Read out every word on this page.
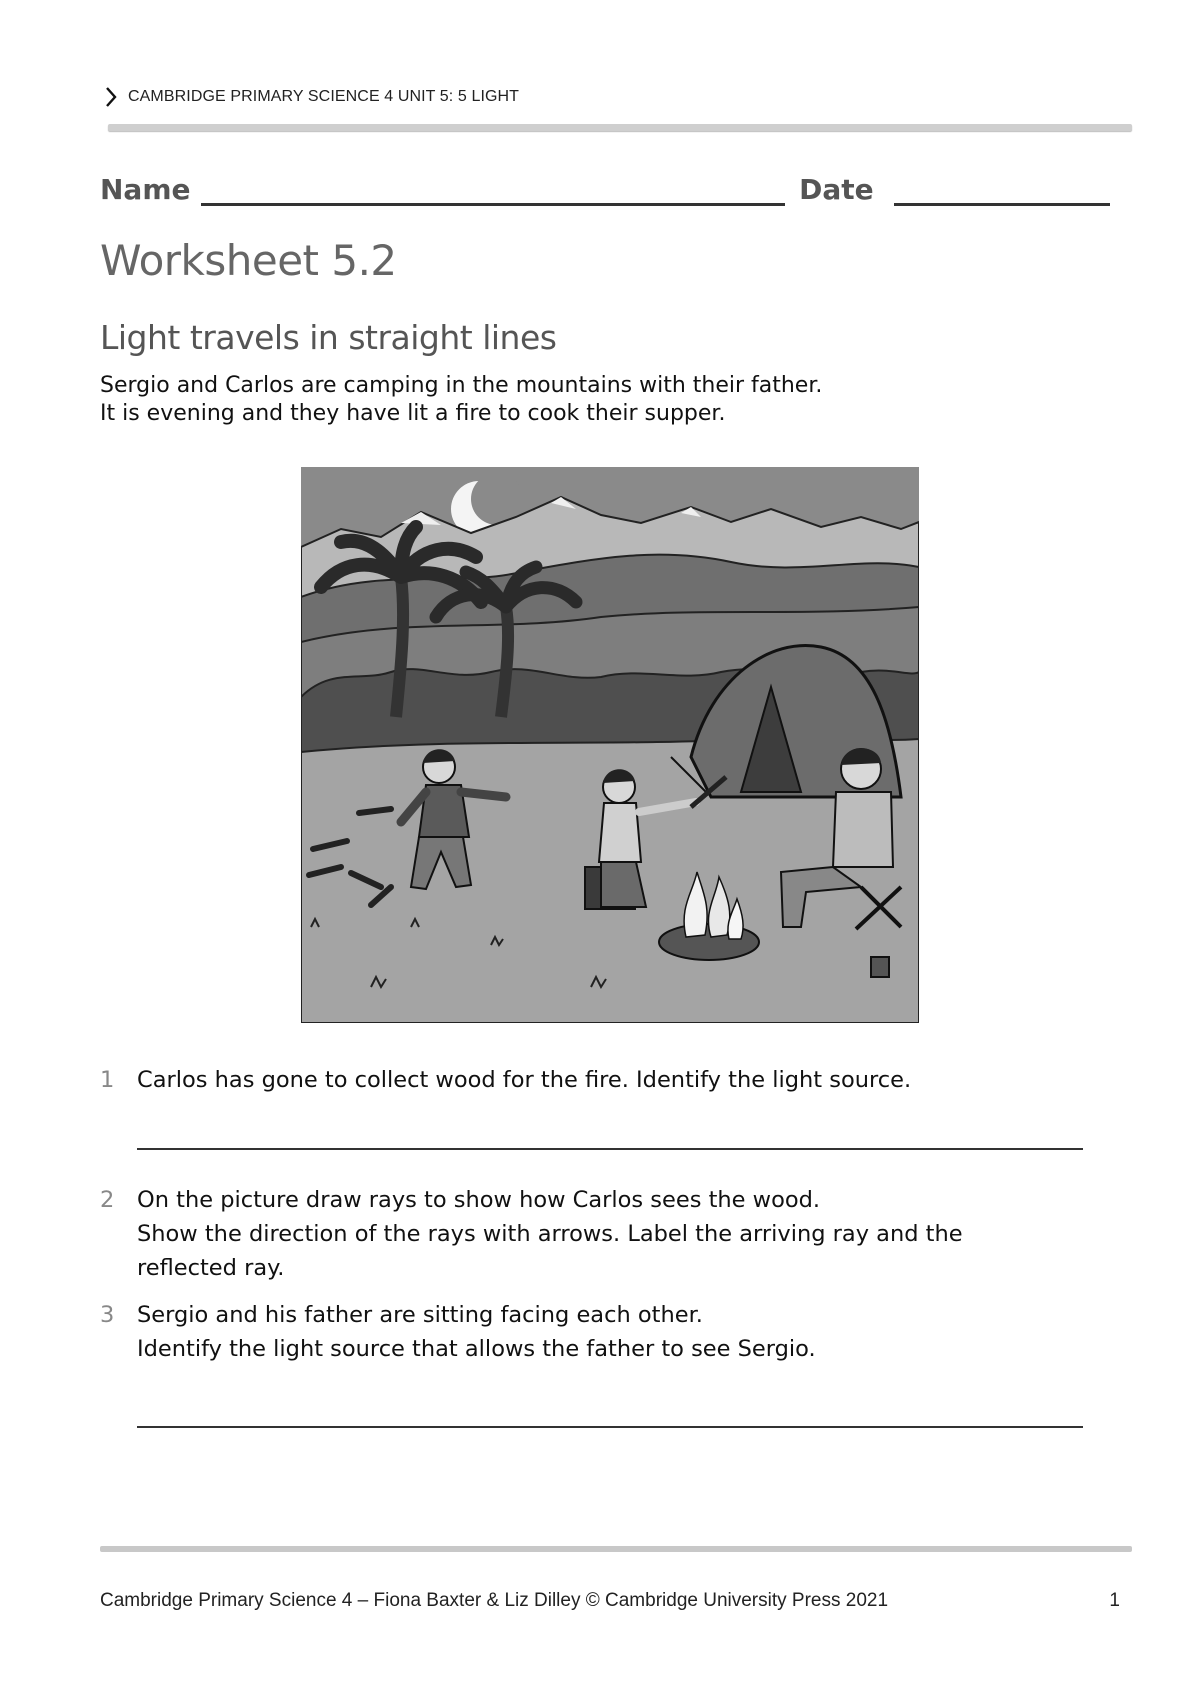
CAMBRIDGE PRIMARY SCIENCE 4 UNIT 5: 5 LIGHT
Name	Date
Worksheet 5.2
Light travels in straight lines
Sergio and Carlos are camping in the mountains with their father.
It is evening and they have lit a fire to cook their supper.
1	Carlos has gone to collect wood for the fire. Identify the light source.
2	On the picture draw rays to show how Carlos sees the wood.
Show the direction of the rays with arrows. Label the arriving ray and the
reflected ray.
3	Sergio and his father are sitting facing each other.
Identify the light source that allows the father to see Sergio.
Cambridge Primary Science 4 – Fiona Baxter & Liz Dilley © Cambridge University Press 2021	1
